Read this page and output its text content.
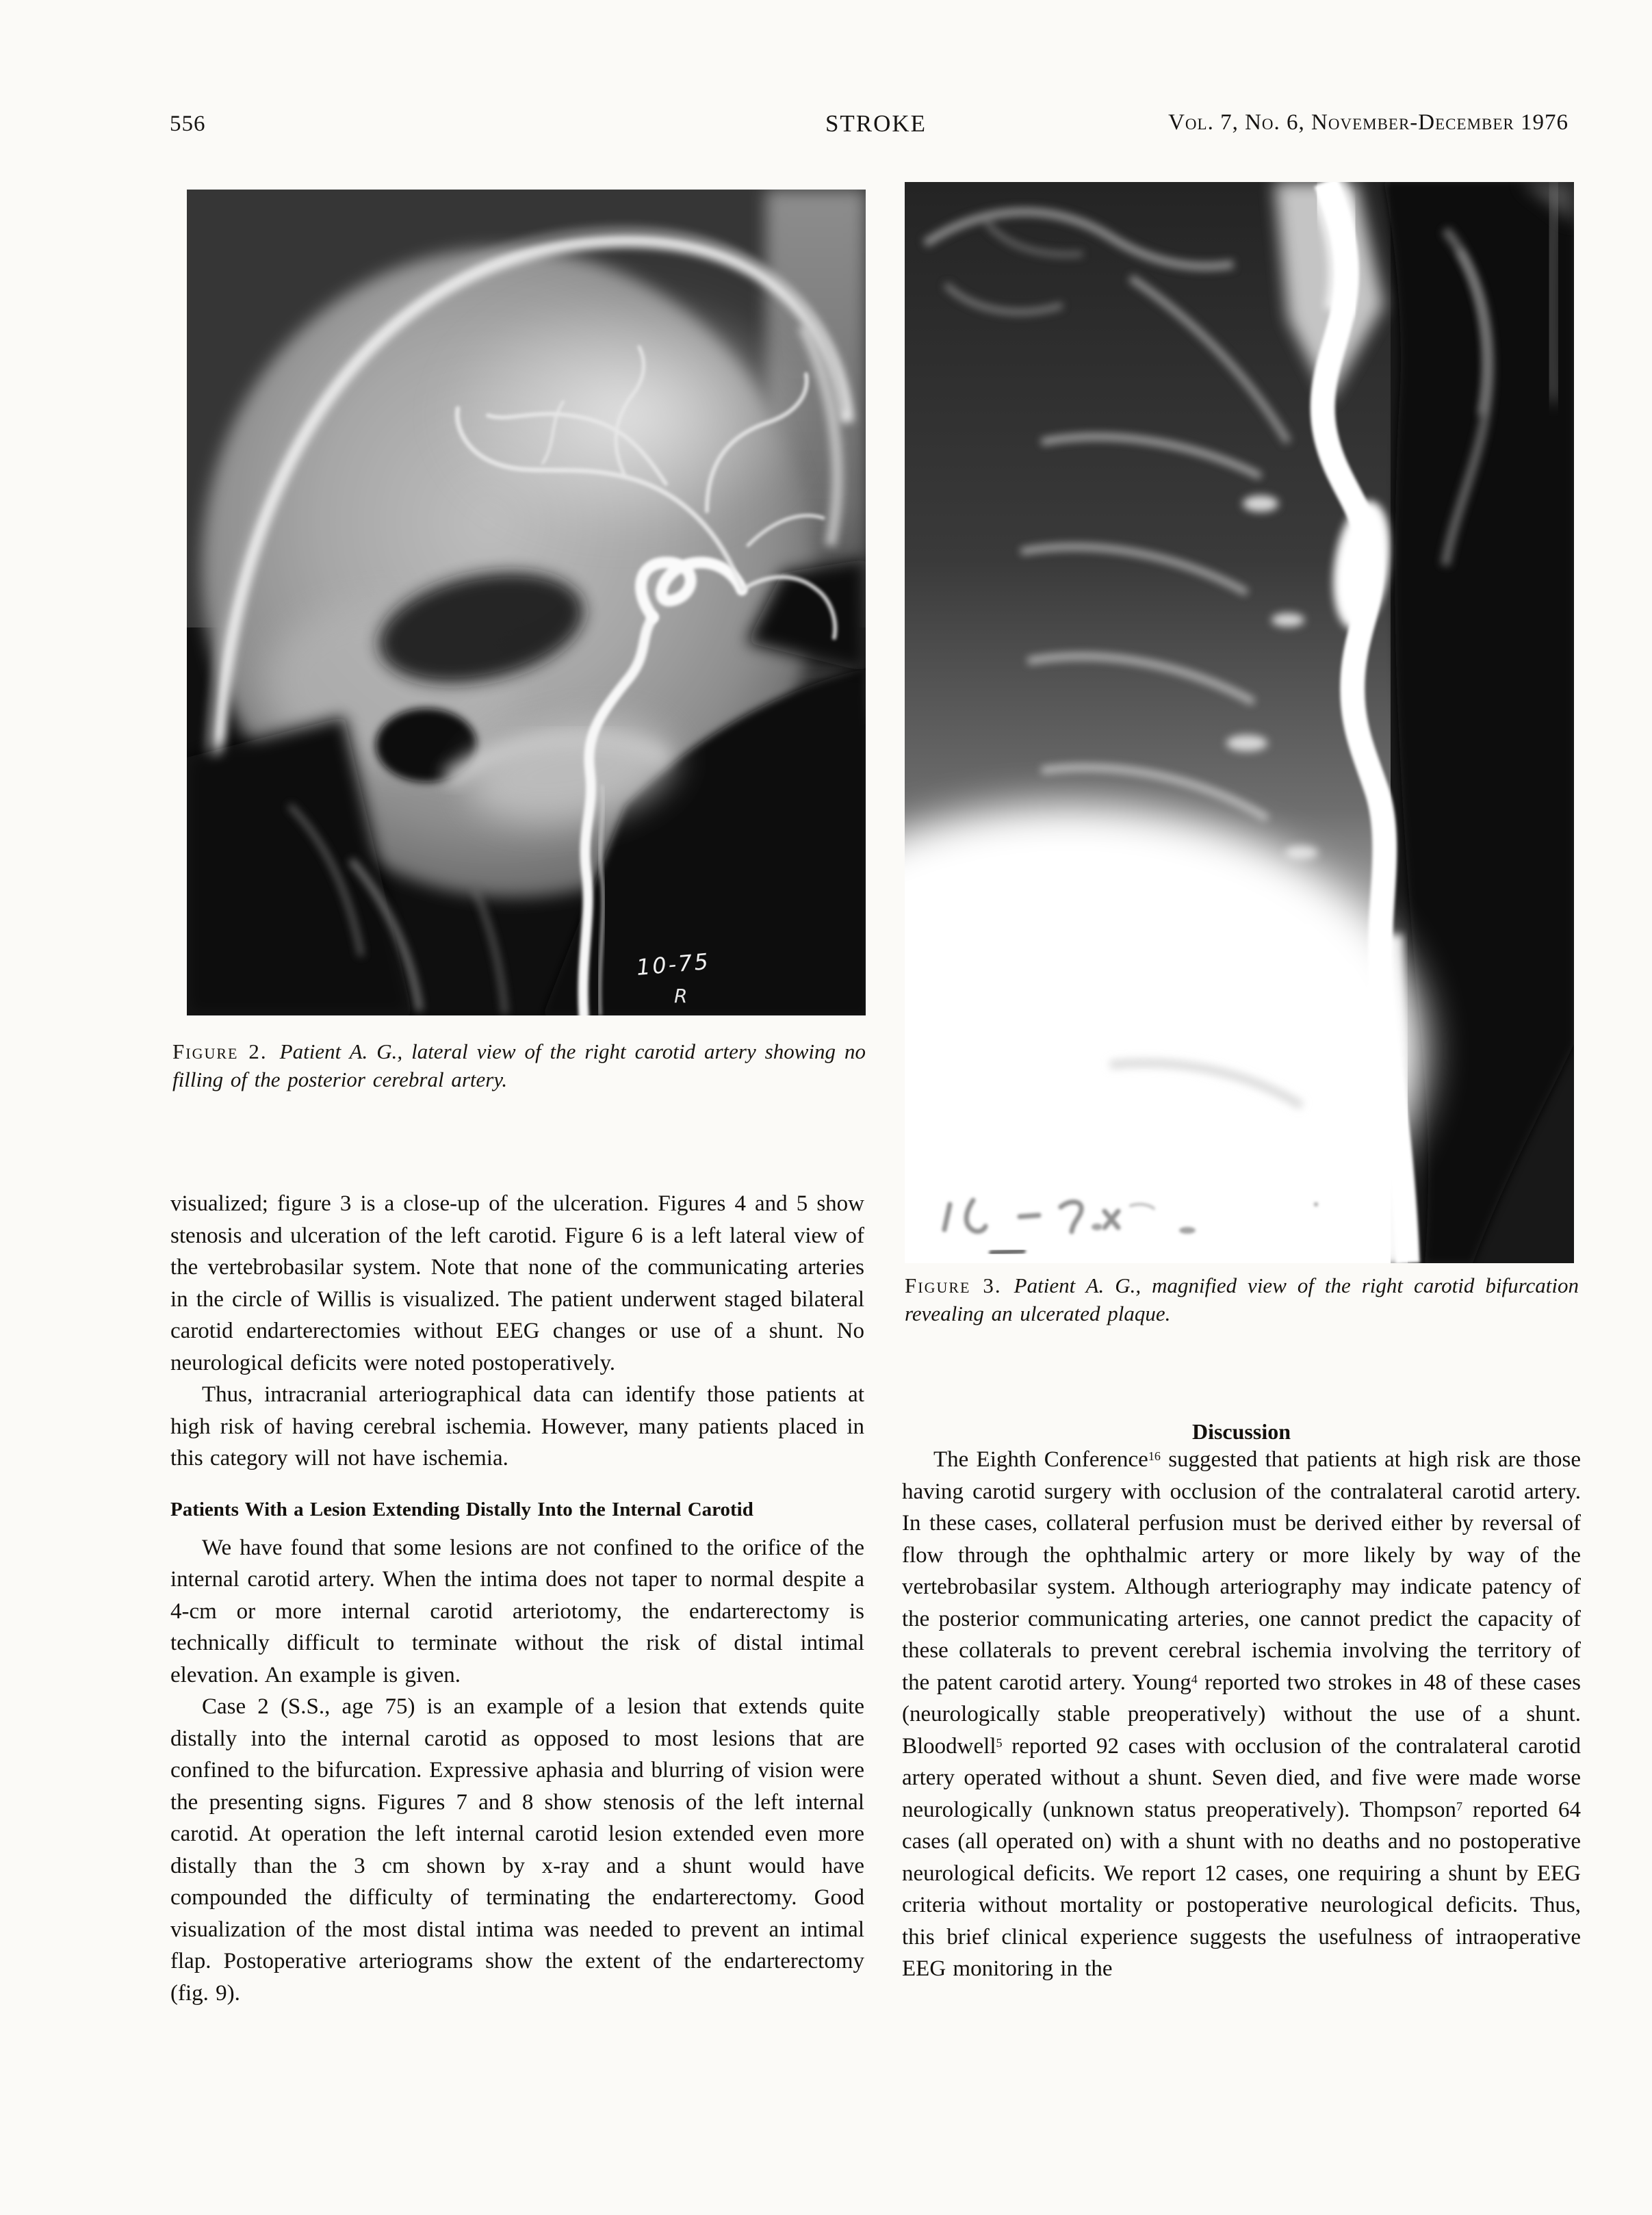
556	STROKE	Vol. 7, No. 6, November-December 1976
10-75
R
Figure 2. Patient A. G., lateral view of the right carotid artery showing no filling of the posterior cerebral artery.
Figure 3. Patient A. G., magnified view of the right carotid bifurcation revealing an ulcerated plaque.

visualized; figure 3 is a close-up of the ulceration. Figures 4 and 5 show stenosis and ulceration of the left carotid. Figure 6 is a left lateral view of the vertebrobasilar system. Note that none of the communicating arteries in the circle of Willis is visualized. The patient underwent staged bilateral carotid endarterectomies without EEG changes or use of a shunt. No neurological deficits were noted postoperatively.

Thus, intracranial arteriographical data can identify those patients at high risk of having cerebral ischemia. However, many patients placed in this category will not have ischemia.

Patients With a Lesion Extending Distally Into the Internal Carotid

We have found that some lesions are not confined to the orifice of the internal carotid artery. When the intima does not taper to normal despite a 4-cm or more internal carotid arteriotomy, the endarterectomy is technically difficult to terminate without the risk of distal intimal elevation. An example is given.

Case 2 (S.S., age 75) is an example of a lesion that extends quite distally into the internal carotid as opposed to most lesions that are confined to the bifurcation. Expressive aphasia and blurring of vision were the presenting signs. Figures 7 and 8 show stenosis of the left internal carotid. At operation the left internal carotid lesion extended even more distally than the 3 cm shown by x-ray and a shunt would have compounded the difficulty of terminating the endarterectomy. Good visualization of the most distal intima was needed to prevent an intimal flap. Postoperative arteriograms show the extent of the endarterectomy (fig. 9).

Discussion

The Eighth Conference$^{16}$ suggested that patients at high risk are those having carotid surgery with occlusion of the contralateral carotid artery. In these cases, collateral perfusion must be derived either by reversal of flow through the ophthalmic artery or more likely by way of the vertebrobasilar system. Although arteriography may indicate patency of the posterior communicating arteries, one cannot predict the capacity of these collaterals to prevent cerebral ischemia involving the territory of the patent carotid artery. Young$^4$ reported two strokes in 48 of these cases (neurologically stable preoperatively) without the use of a shunt. Bloodwell$^5$ reported 92 cases with occlusion of the contralateral carotid artery operated without a shunt. Seven died, and five were made worse neurologically (unknown status preoperatively). Thompson$^7$ reported 64 cases (all operated on) with a shunt with no deaths and no postoperative neurological deficits. We report 12 cases, one requiring a shunt by EEG criteria without mortality or postoperative neurological deficits. Thus, this brief clinical experience suggests the usefulness of intraoperative EEG monitoring in the
